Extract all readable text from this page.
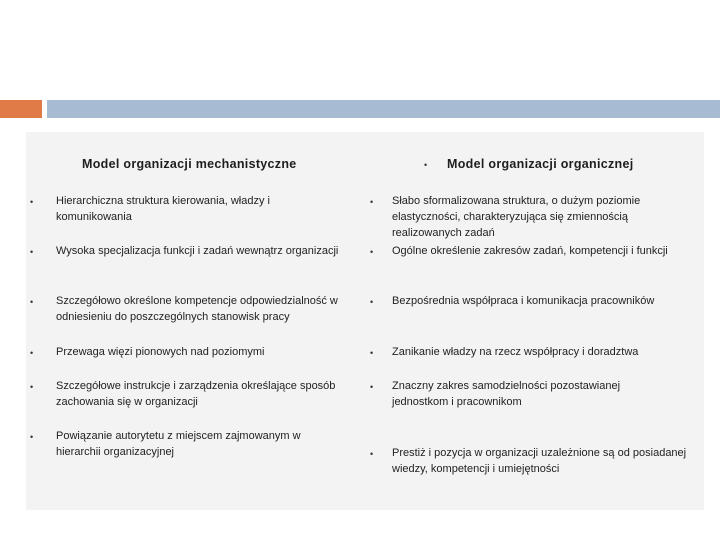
Model organizacji mechanistyczne	• Model organizacji organicznej
• Hierarchiczna struktura kierowania, władzy i komunikowania
• Wysoka specjalizacja funkcji i zadań wewnątrz organizacji
• Szczegółowo określone kompetencje odpowiedzialność w odniesieniu do poszczególnych stanowisk pracy
• Przewaga więzi pionowych nad poziomymi
• Szczegółowe instrukcje i zarządzenia określające sposób zachowania się w organizacji
• Powiązanie autorytetu z miejscem zajmowanym w hierarchii organizacyjnej
• Słabo sformalizowana struktura, o dużym poziomie elastyczności, charakteryzująca się zmiennością realizowanych zadań
• Ogólne określenie zakresów zadań, kompetencji i funkcji
• Bezpośrednia współpraca i komunikacja pracowników
• Zanikanie władzy na rzecz współpracy i doradztwa
• Znaczny zakres samodzielności pozostawianej jednostkom i pracownikom
• Prestiż i pozycja w organizacji uzależnione są od posiadanej wiedzy, kompetencji i umiejętności
